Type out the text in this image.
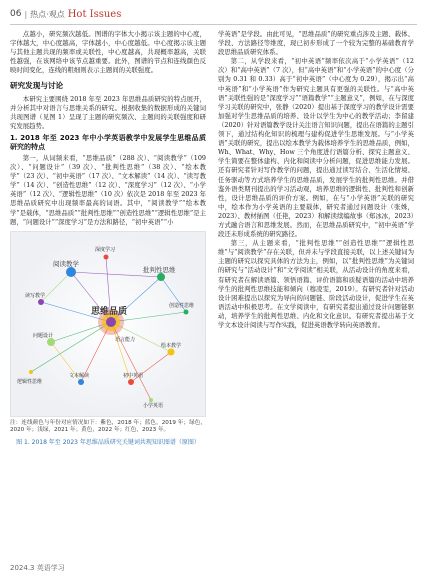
06 | 热点·观点 Hot Issues

点越小，研究频次越低。图谱的字体大小揭示该主题的中心度，字体越大，中心度越高，字体越小，中心度越低。中心度揭示该主题与其他主题共现的频率或关联性，中心度越高，共现概率越高，关联性越强，在该网络中该节点越重要。此外，图谱的节点和连线颜色反映时间变化，连线的粗细则表示主题间的关联强度。

研究发现与讨论

本研究主要围绕 2018 年至 2023 年思维品质研究的特点展开，并分析其中对语言与思维关系的研究。根据收集的数据形成的关键词共现图谱（见图 1）呈现了主题的研究频次、主题间的关联强度和研究发展趋势。

1. 2018 年至 2023 年中小学英语教学中发展学生思维品质研究的特点

第一，从词频来看，“思维品质”（288 次）、“阅读教学”（109 次）、“问题设计”（39 次）、“批判性思维”（38 次）、“绘本教学”（23 次）、“初中英语”（17 次）、“文本解读”（14 次）、“读写教学”（14 次）、“创造性思维”（12 次）、“深度学习”（12 次）、“小学英语”（12 次）、“逻辑性思维”（10 次）依次是 2018 年至 2023 年思维品质研究中出现频率最高的词语。其中，“阅读教学”“绘本教学”是载体，“思维品质”“批判性思维”“创造性思维”“逻辑性思维”是主题，“问题设计”“深度学习”是方法和路径，“初中英语”“小

思维品质
阅读教学
批判性思维
问题设计
绘本教学
初中英语
文本解读
读写教学
创造性思维
深度学习
小学英语
逻辑性思维
语言能力
注：连线颜色与年份对应情况如下：紫色，2018 年；蓝色，2019 年；绿色，2020 年；浅绿，2021 年；黄色，2022 年；红色，2023 年。
图 1. 2018 年至 2023 年思维品质研究关键词共现知识图谱（原图）

学英语”是学段。由此可见，“思维品质”的研究重点涉及主题、载体、学段、方法路径等维度，现已初步形成了一个较为完整的基础教育学段思维品质研究体系。

第二，从学段来看，“初中英语”频率依次高于“小学英语”（12 次）和“高中英语”（7 次），但“高中英语”和“小学英语”的中心度（分别为 0.31 和 0.33）高于“初中英语”（中心度为 0.29），揭示出“高中英语”和“小学英语”作为研究主题具有更强的关联性。与“高中英语”关联性强的是“深度学习”“语篇教学”“主题意义”，例如，在与深度学习关联的研究中，张静（2020）提出基于深度学习的教学设计需要加强对学生思维品质的培养、设计以学生为中心的教学活动；李留建（2020）针对语篇教学设计关注语言知识问题，提出在语篇的主题引领下，通过结构化知识的梳理与建构促进学生思维发展。与“小学英语”关联的研究，提出以绘本教学为载体培养学生的思维品质，例如，Wh、What、Why、How 三个角度进行语篇分析、探究主题意义、学生简要在整体建构、内化和阅读中分析问题，促进思维能力发展。还有研究者针对写作教学的问题，提出通过读写结合、生活化情境、任务驱动等方式培养学生的思维品质，发展学生的批判性思维。并借鉴外语类期刊提出的学习活动观，培养思维的逻辑性、批判性和创新性，设计思维品质的评价方案。例如，在与“小学英语”关联的研究中，绘本作为小学英语的主要载体，研究者通过问题设计（张姝，2023）、教材插图（任艳，2023）和解读续编故事（郑冰冰，2023）方式融合语言和思维发展。然而，在思维品质研究中，“初中英语”学段还未形成系统的研究路径。

第三，从主题来看，“批判性思维”“创造性思维”“逻辑性思维”与“阅读教学”存在关联，但并未与学段直接关联，以上述关键词为主题的研究以探究具体的方法为主，例如，以“批判性思维”为关键词的研究与“活动设计”和“文学阅读”相关联，从活动设计的角度来看，有研究者在解读语篇、领悟语篇、评价语篇和质疑语篇的活动中培养学生的批判性思维技能和倾向（穆凌雯，2019）。有研究者针对活动设计困难提出以探究为导向的问题链、阶段活动设计，促进学生在英语活动中积极思考。在文学阅读中，有研究者提出通过设计问题链驱动，培养学生的批判性思维、内化和文化意识。有研究者提出基于文学文本设计阅读与写作实践，促进英语教学转向英语教育。

2024.3 英语学习
